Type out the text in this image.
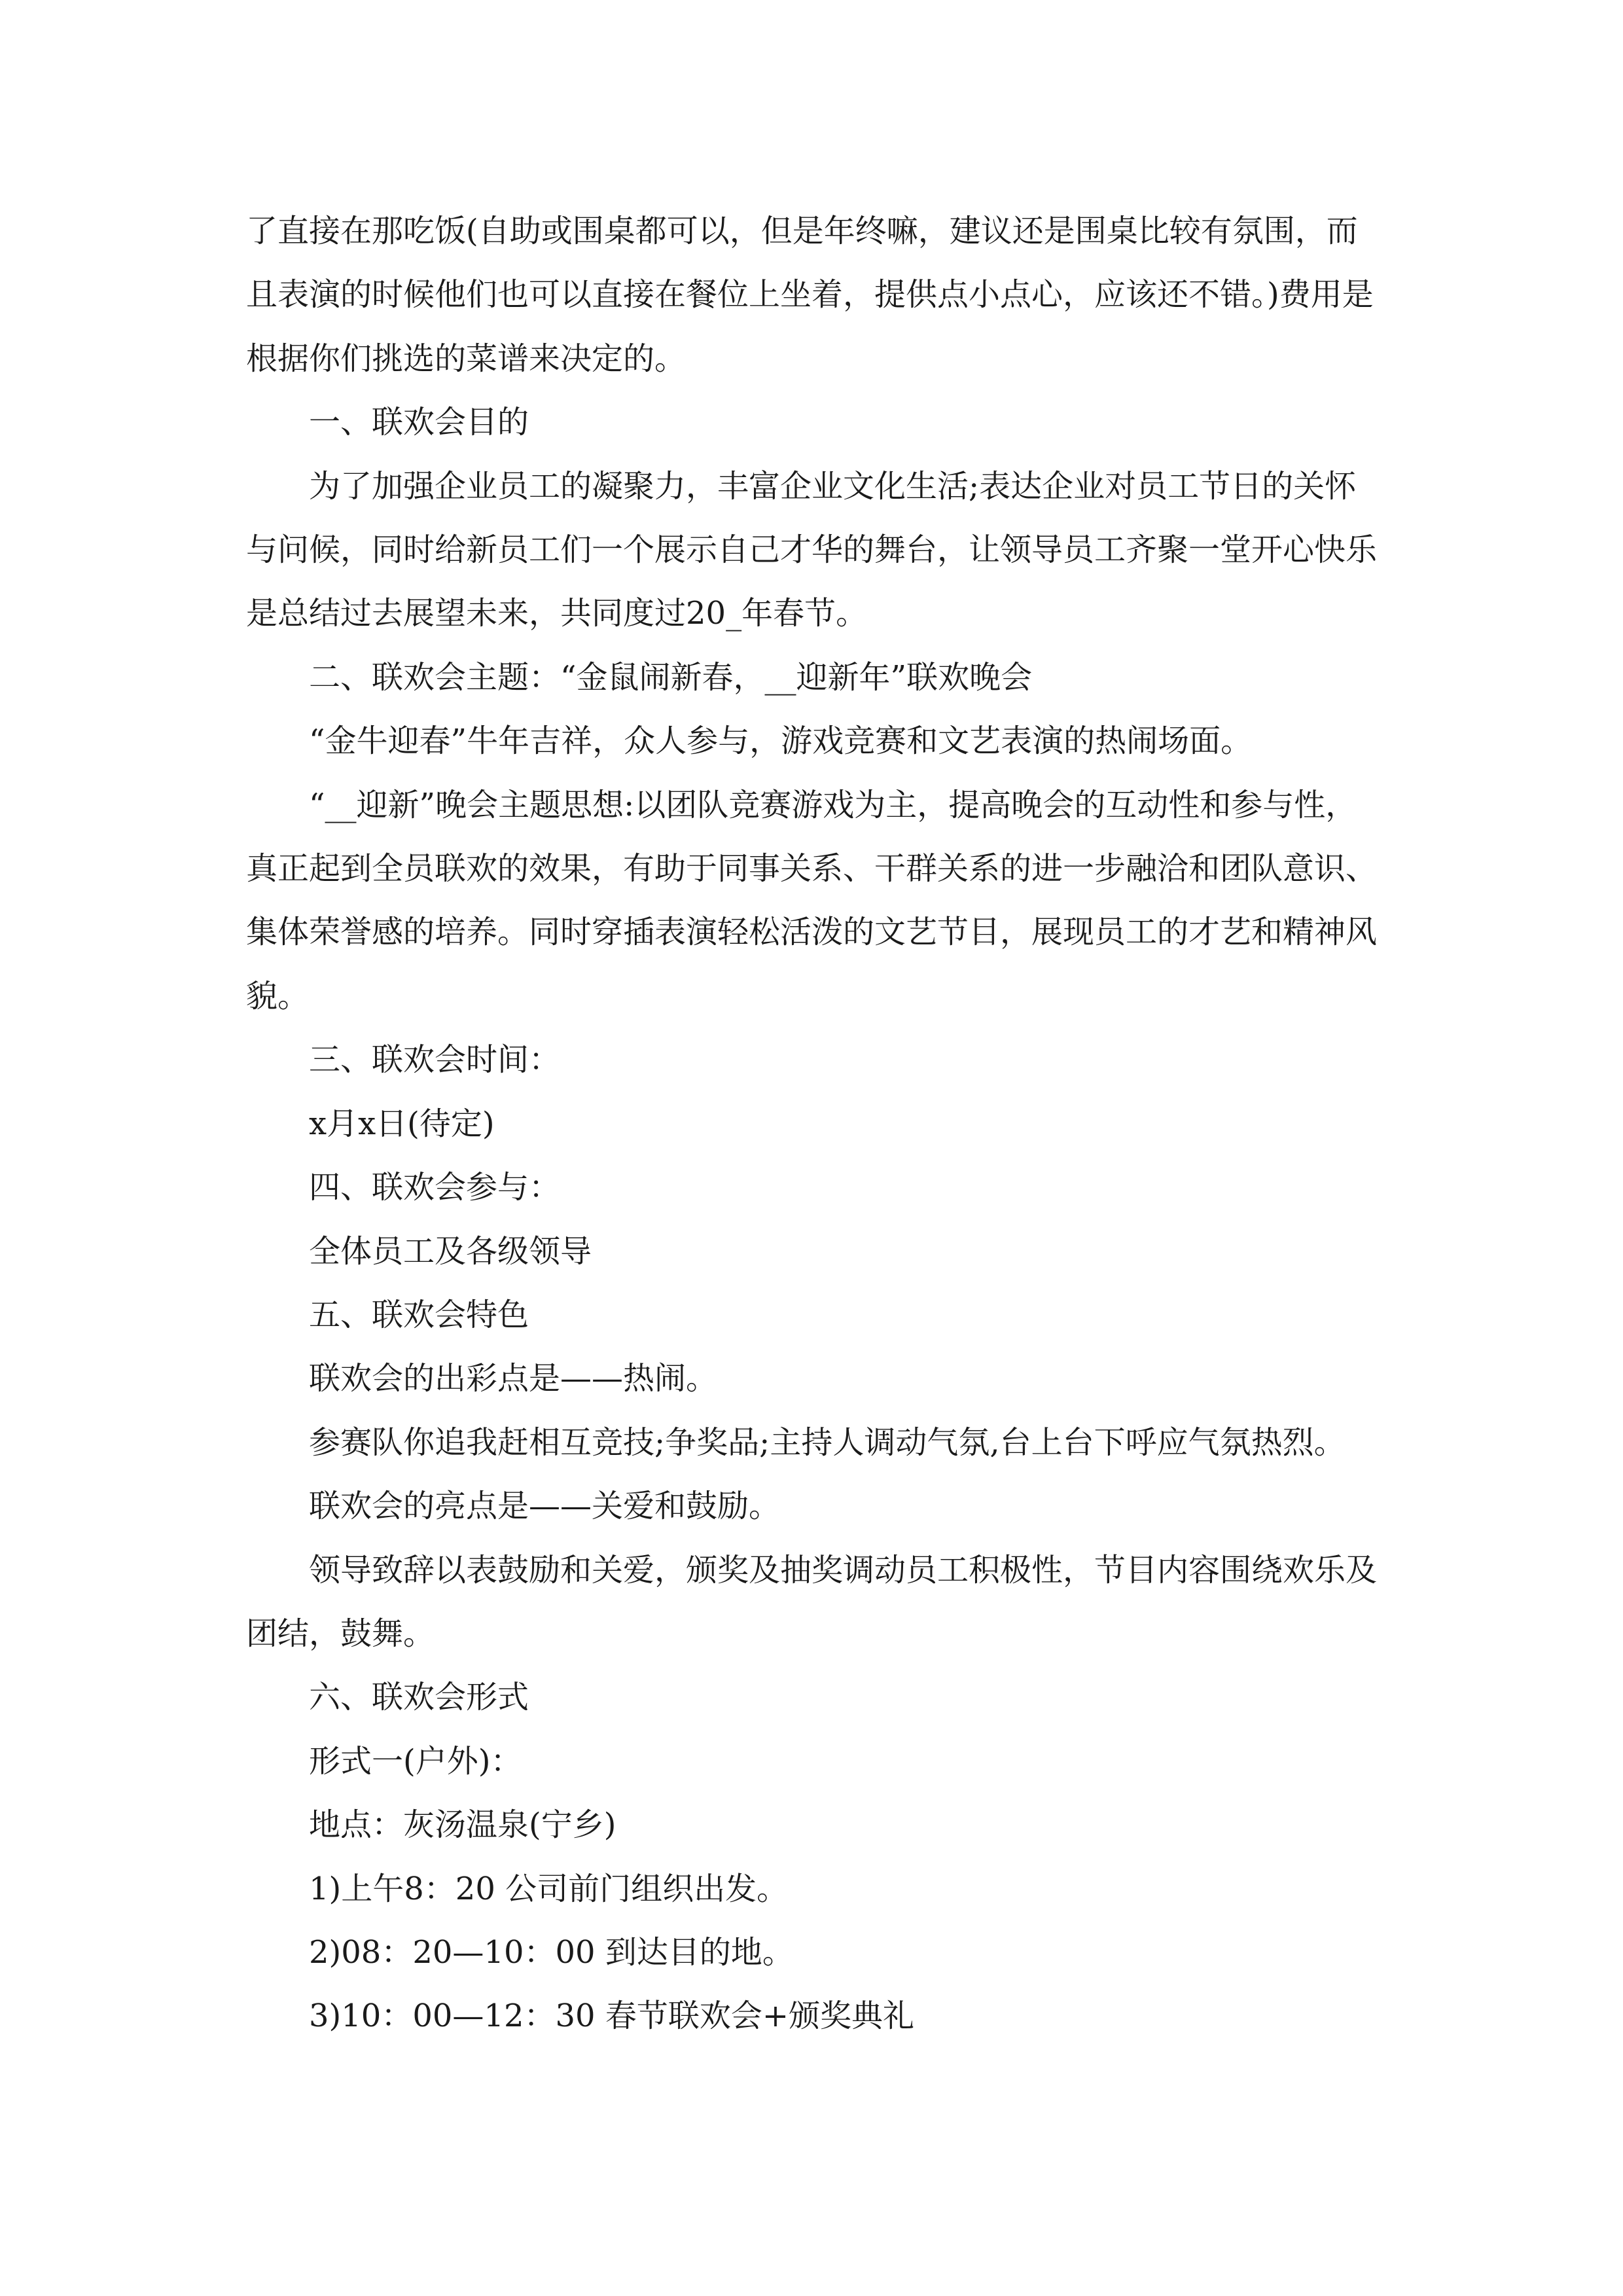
了直接在那吃饭(自助或围桌都可以，但是年终嘛，建议还是围桌比较有氛围，而且表演的时候他们也可以直接在餐位上坐着，提供点小点心，应该还不错。)费用是根据你们挑选的菜谱来决定的。

一、联欢会目的

为了加强企业员工的凝聚力，丰富企业文化生活;表达企业对员工节日的关怀与问候，同时给新员工们一个展示自己才华的舞台，让领导员工齐聚一堂开心快乐是总结过去展望未来，共同度过20_年春节。

二、联欢会主题：“金鼠闹新春，__迎新年”联欢晚会

“金牛迎春”牛年吉祥，众人参与，游戏竞赛和文艺表演的热闹场面。

“__迎新”晚会主题思想:以团队竞赛游戏为主，提高晚会的互动性和参与性，真正起到全员联欢的效果，有助于同事关系、干群关系的进一步融洽和团队意识、集体荣誉感的培养。同时穿插表演轻松活泼的文艺节目，展现员工的才艺和精神风貌。

三、联欢会时间：

x月x日(待定)

四、联欢会参与：

全体员工及各级领导

五、联欢会特色

联欢会的出彩点是——热闹。

参赛队你追我赶相互竞技;争奖品;主持人调动气氛,台上台下呼应气氛热烈。

联欢会的亮点是——关爱和鼓励。

领导致辞以表鼓励和关爱，颁奖及抽奖调动员工积极性，节目内容围绕欢乐及团结，鼓舞。

六、联欢会形式

形式一(户外)：

地点：灰汤温泉(宁乡)

1)上午8：20 公司前门组织出发。

2)08：20—10：00 到达目的地。

3)10：00—12：30 春节联欢会+颁奖典礼
